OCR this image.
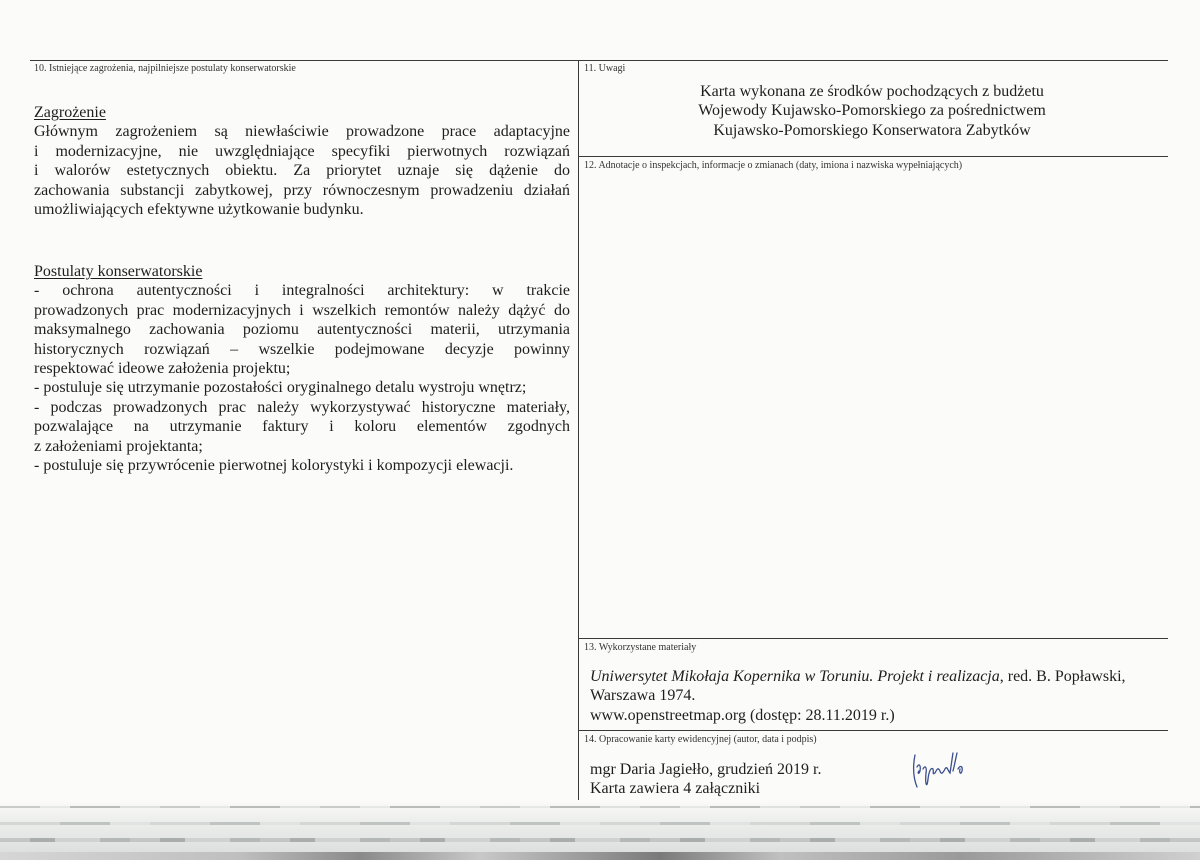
10. Istniejące zagrożenia, najpilniejsze postulaty konserwatorskie
Zagrożenie
Głównym zagrożeniem są niewłaściwie prowadzone prace adaptacyjne
i modernizacyjne, nie uwzględniające specyfiki pierwotnych rozwiązań
i walorów estetycznych obiektu. Za priorytet uznaje się dążenie do
zachowania substancji zabytkowej, przy równoczesnym prowadzeniu działań
umożliwiających efektywne użytkowanie budynku.
Postulaty konserwatorskie
- ochrona autentyczności i integralności architektury: w trakcie
prowadzonych prac modernizacyjnych i wszelkich remontów należy dążyć do
maksymalnego zachowania poziomu autentyczności materii, utrzymania
historycznych rozwiązań – wszelkie podejmowane decyzje powinny
respektować ideowe założenia projektu;
- postuluje się utrzymanie pozostałości oryginalnego detalu wystroju wnętrz;
- podczas prowadzonych prac należy wykorzystywać historyczne materiały,
pozwalające na utrzymanie faktury i koloru elementów zgodnych
z założeniami projektanta;
- postuluje się przywrócenie pierwotnej kolorystyki i kompozycji elewacji.
11. Uwagi
Karta wykonana ze środków pochodzących z budżetu
Wojewody Kujawsko-Pomorskiego za pośrednictwem
Kujawsko-Pomorskiego Konserwatora Zabytków
12. Adnotacje o inspekcjach, informacje o zmianach (daty, imiona i nazwiska wypełniających)
13. Wykorzystane materiały
Uniwersytet Mikołaja Kopernika w Toruniu. Projekt i realizacja, red. B. Popławski,
Warszawa 1974.
www.openstreetmap.org (dostęp: 28.11.2019 r.)
14. Opracowanie karty ewidencyjnej (autor, data i podpis)
mgr Daria Jagiełło, grudzień 2019 r.
Karta zawiera 4 załączniki
